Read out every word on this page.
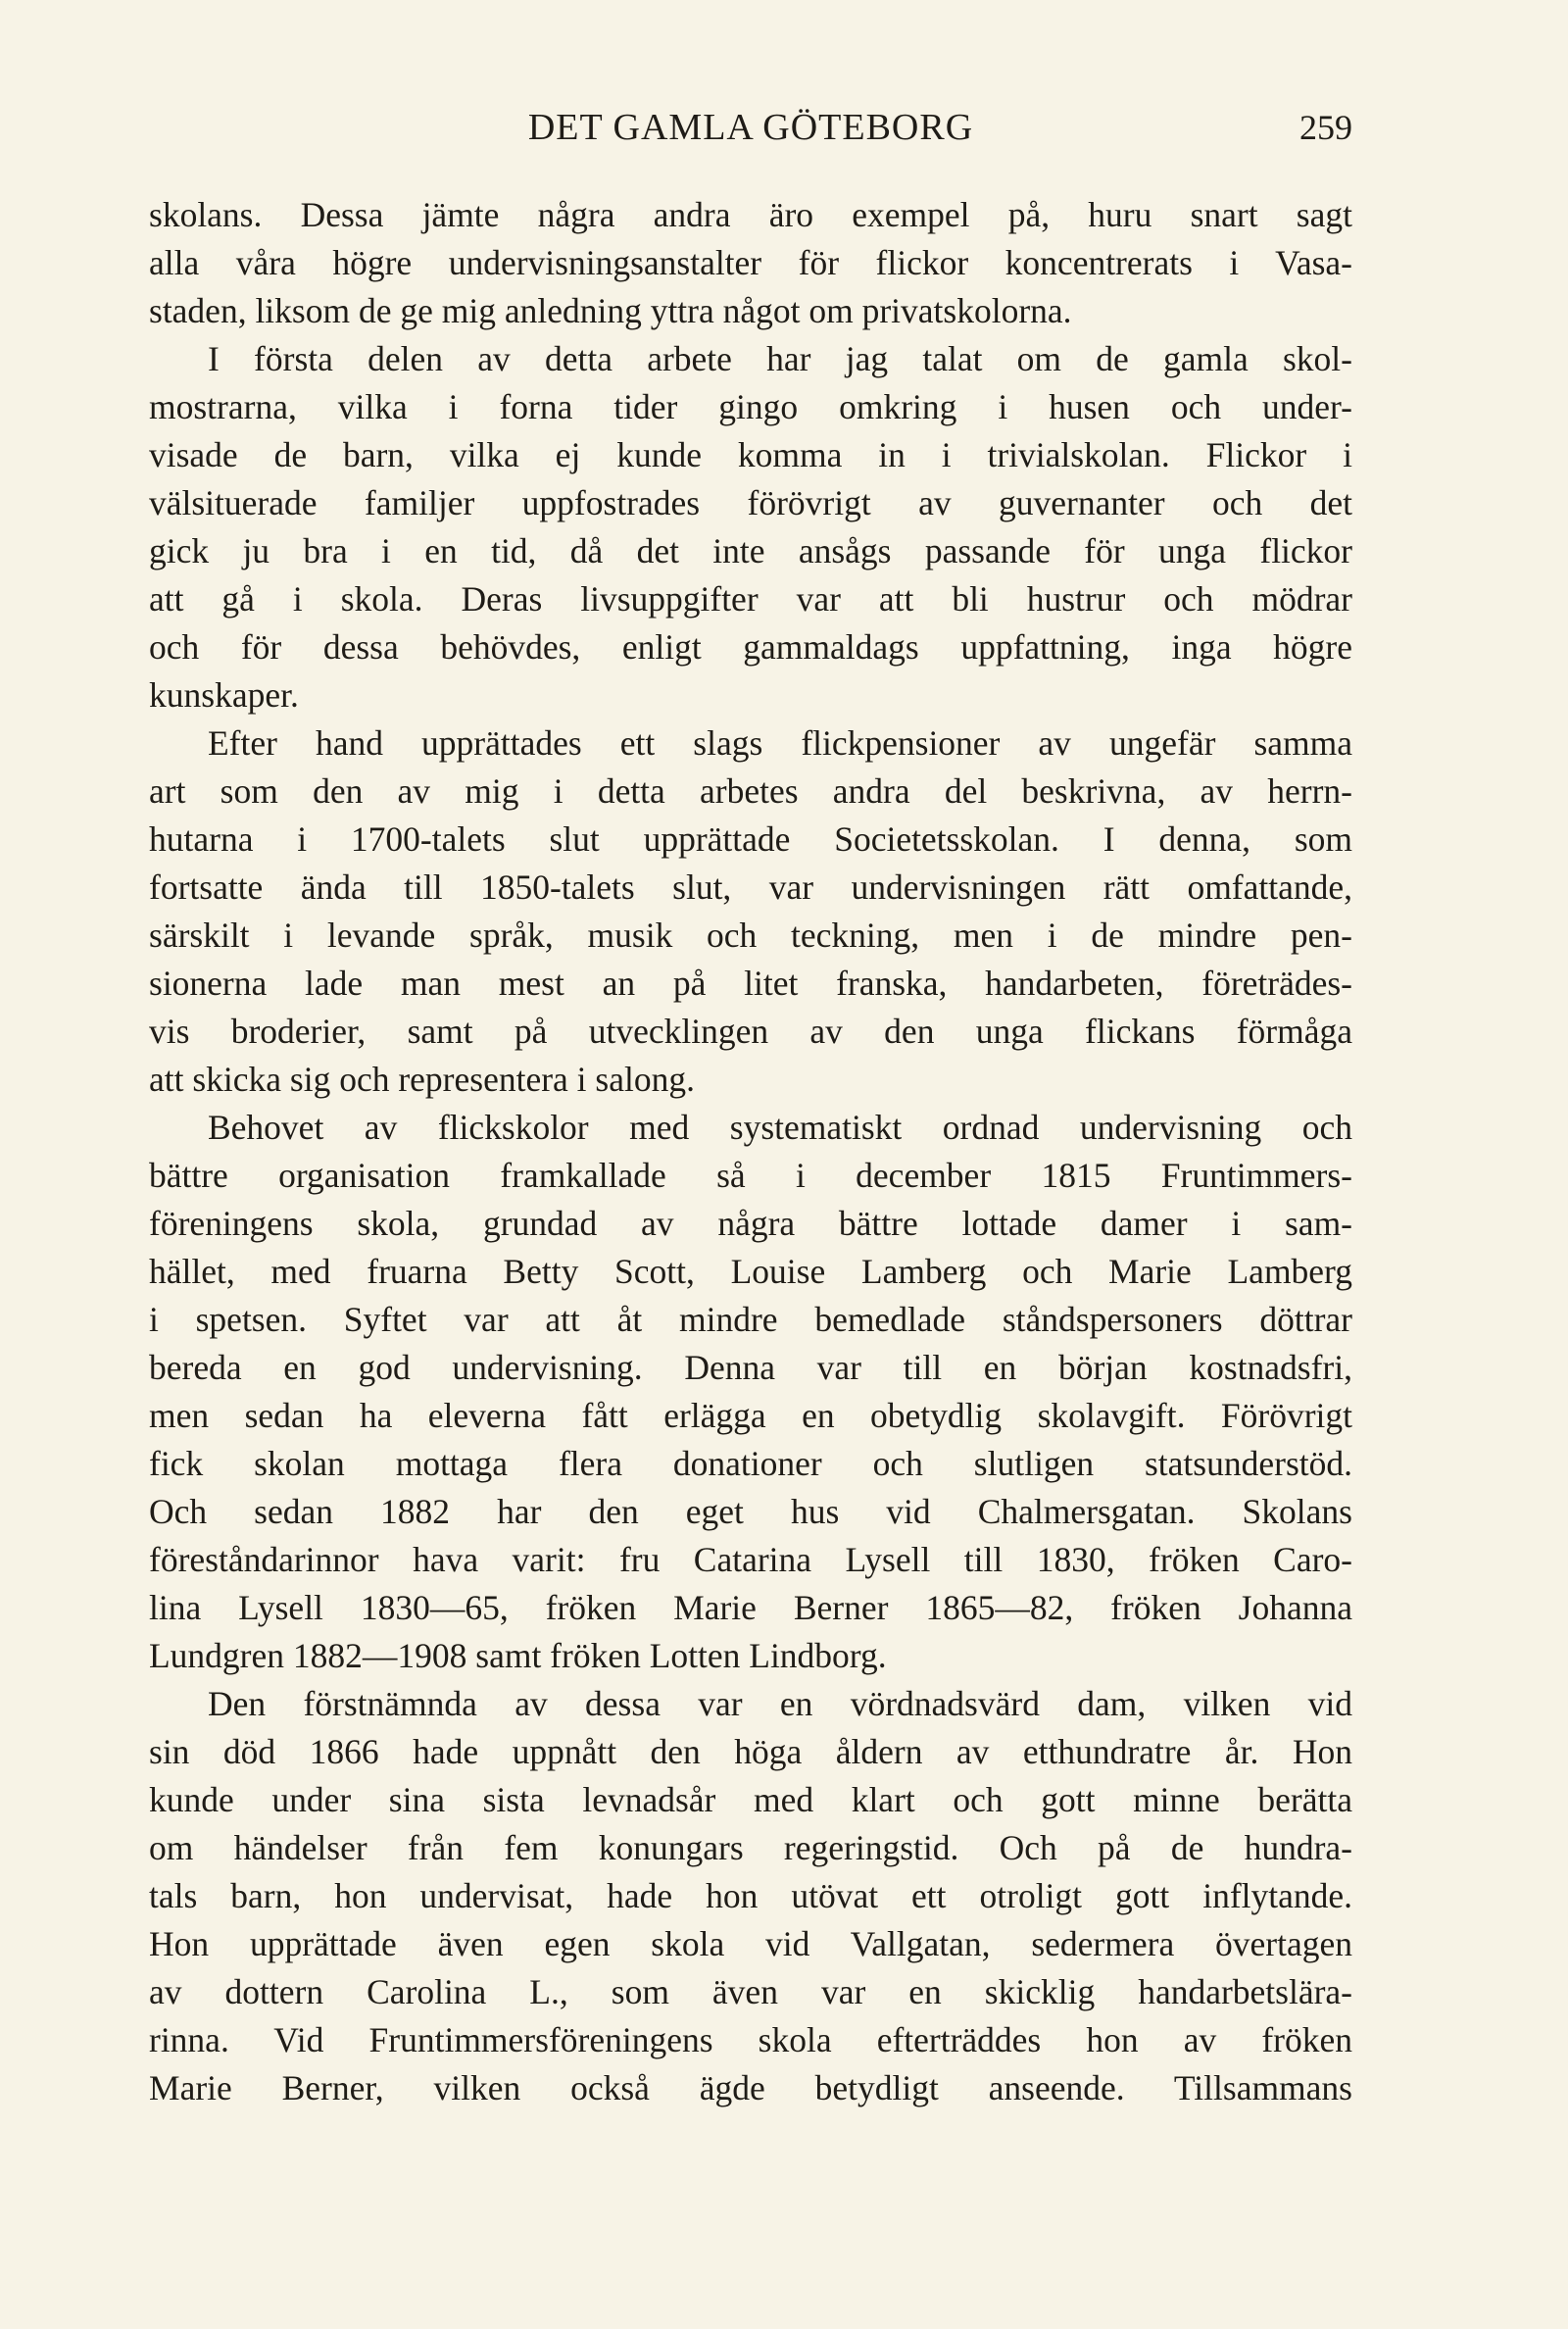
DET GAMLA GÖTEBORG	259
skolans. Dessa jämte några andra äro exempel på, huru snart sagt
alla våra högre undervisningsanstalter för flickor koncentrerats i Vasa-
staden, liksom de ge mig anledning yttra något om privatskolorna.
I första delen av detta arbete har jag talat om de gamla skol-
mostrarna, vilka i forna tider gingo omkring i husen och under-
visade de barn, vilka ej kunde komma in i trivialskolan. Flickor i
välsituerade familjer uppfostrades förövrigt av guvernanter och det
gick ju bra i en tid, då det inte ansågs passande för unga flickor
att gå i skola. Deras livsuppgifter var att bli hustrur och mödrar
och för dessa behövdes, enligt gammaldags uppfattning, inga högre
kunskaper.
Efter hand upprättades ett slags flickpensioner av ungefär samma
art som den av mig i detta arbetes andra del beskrivna, av herrn-
hutarna i 1700-talets slut upprättade Societetsskolan. I denna, som
fortsatte ända till 1850-talets slut, var undervisningen rätt omfattande,
särskilt i levande språk, musik och teckning, men i de mindre pen-
sionerna lade man mest an på litet franska, handarbeten, företrädes-
vis broderier, samt på utvecklingen av den unga flickans förmåga
att skicka sig och representera i salong.
Behovet av flickskolor med systematiskt ordnad undervisning och
bättre organisation framkallade så i december 1815 Fruntimmers-
föreningens skola, grundad av några bättre lottade damer i sam-
hället, med fruarna Betty Scott, Louise Lamberg och Marie Lamberg
i spetsen. Syftet var att åt mindre bemedlade ståndspersoners döttrar
bereda en god undervisning. Denna var till en början kostnadsfri,
men sedan ha eleverna fått erlägga en obetydlig skolavgift. Förövrigt
fick skolan mottaga flera donationer och slutligen statsunderstöd.
Och sedan 1882 har den eget hus vid Chalmersgatan. Skolans
föreståndarinnor hava varit: fru Catarina Lysell till 1830, fröken Caro-
lina Lysell 1830—65, fröken Marie Berner 1865—82, fröken Johanna
Lundgren 1882—1908 samt fröken Lotten Lindborg.
Den förstnämnda av dessa var en vördnadsvärd dam, vilken vid
sin död 1866 hade uppnått den höga åldern av etthundratre år. Hon
kunde under sina sista levnadsår med klart och gott minne berätta
om händelser från fem konungars regeringstid. Och på de hundra-
tals barn, hon undervisat, hade hon utövat ett otroligt gott inflytande.
Hon upprättade även egen skola vid Vallgatan, sedermera övertagen
av dottern Carolina L., som även var en skicklig handarbetslära-
rinna. Vid Fruntimmersföreningens skola efterträddes hon av fröken
Marie Berner, vilken också ägde betydligt anseende. Tillsammans
